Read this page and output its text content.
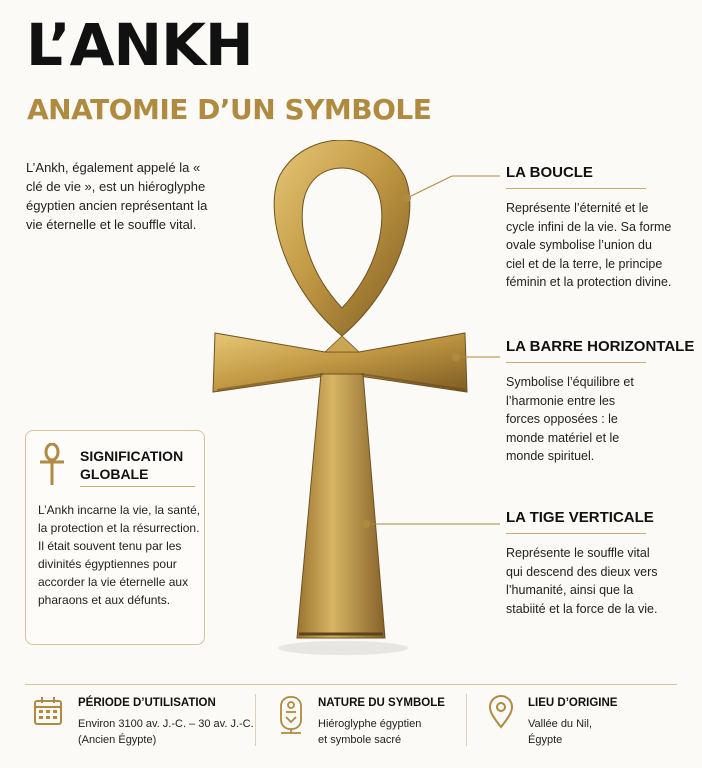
L’ANKH
ANATOMIE D’UN SYMBOLE
L’Ankh, également appelé la « clé de vie », est un hiéroglyphe égyptien ancien représentant la vie éternelle et le souffle vital.
LA BOUCLE

Représente l’éternité et le cycle infini de la vie. Sa forme ovale symbolise l’union du ciel et de la terre, le principe féminin et la protection divine.

LA BARRE HORIZONTALE

Symbolise l’équilibre et l’harmonie entre les forces opposées : le monde matériel et le monde spirituel.

LA TIGE VERTICALE

Représente le souffle vital qui descend des dieux vers l’humanité, ainsi que la stabiité et la force de la vie.

SIGNIFICATION GLOBALE

L’Ankh incarne la vie, la santé, la protection et la résurrection. Il était souvent tenu par les divinités égyptiennes pour accorder la vie éternelle aux pharaons et aux défunts.

PÉRIODE D’UTILISATION
Environ 3100 av. J.-C. – 30 av. J.-C.
(Ancien Égypte)
NATURE DU SYMBOLE
Hiéroglyphe égyptien
et symbole sacré
LIEU D’ORIGINE
Vallée du Nil,
Égypte
